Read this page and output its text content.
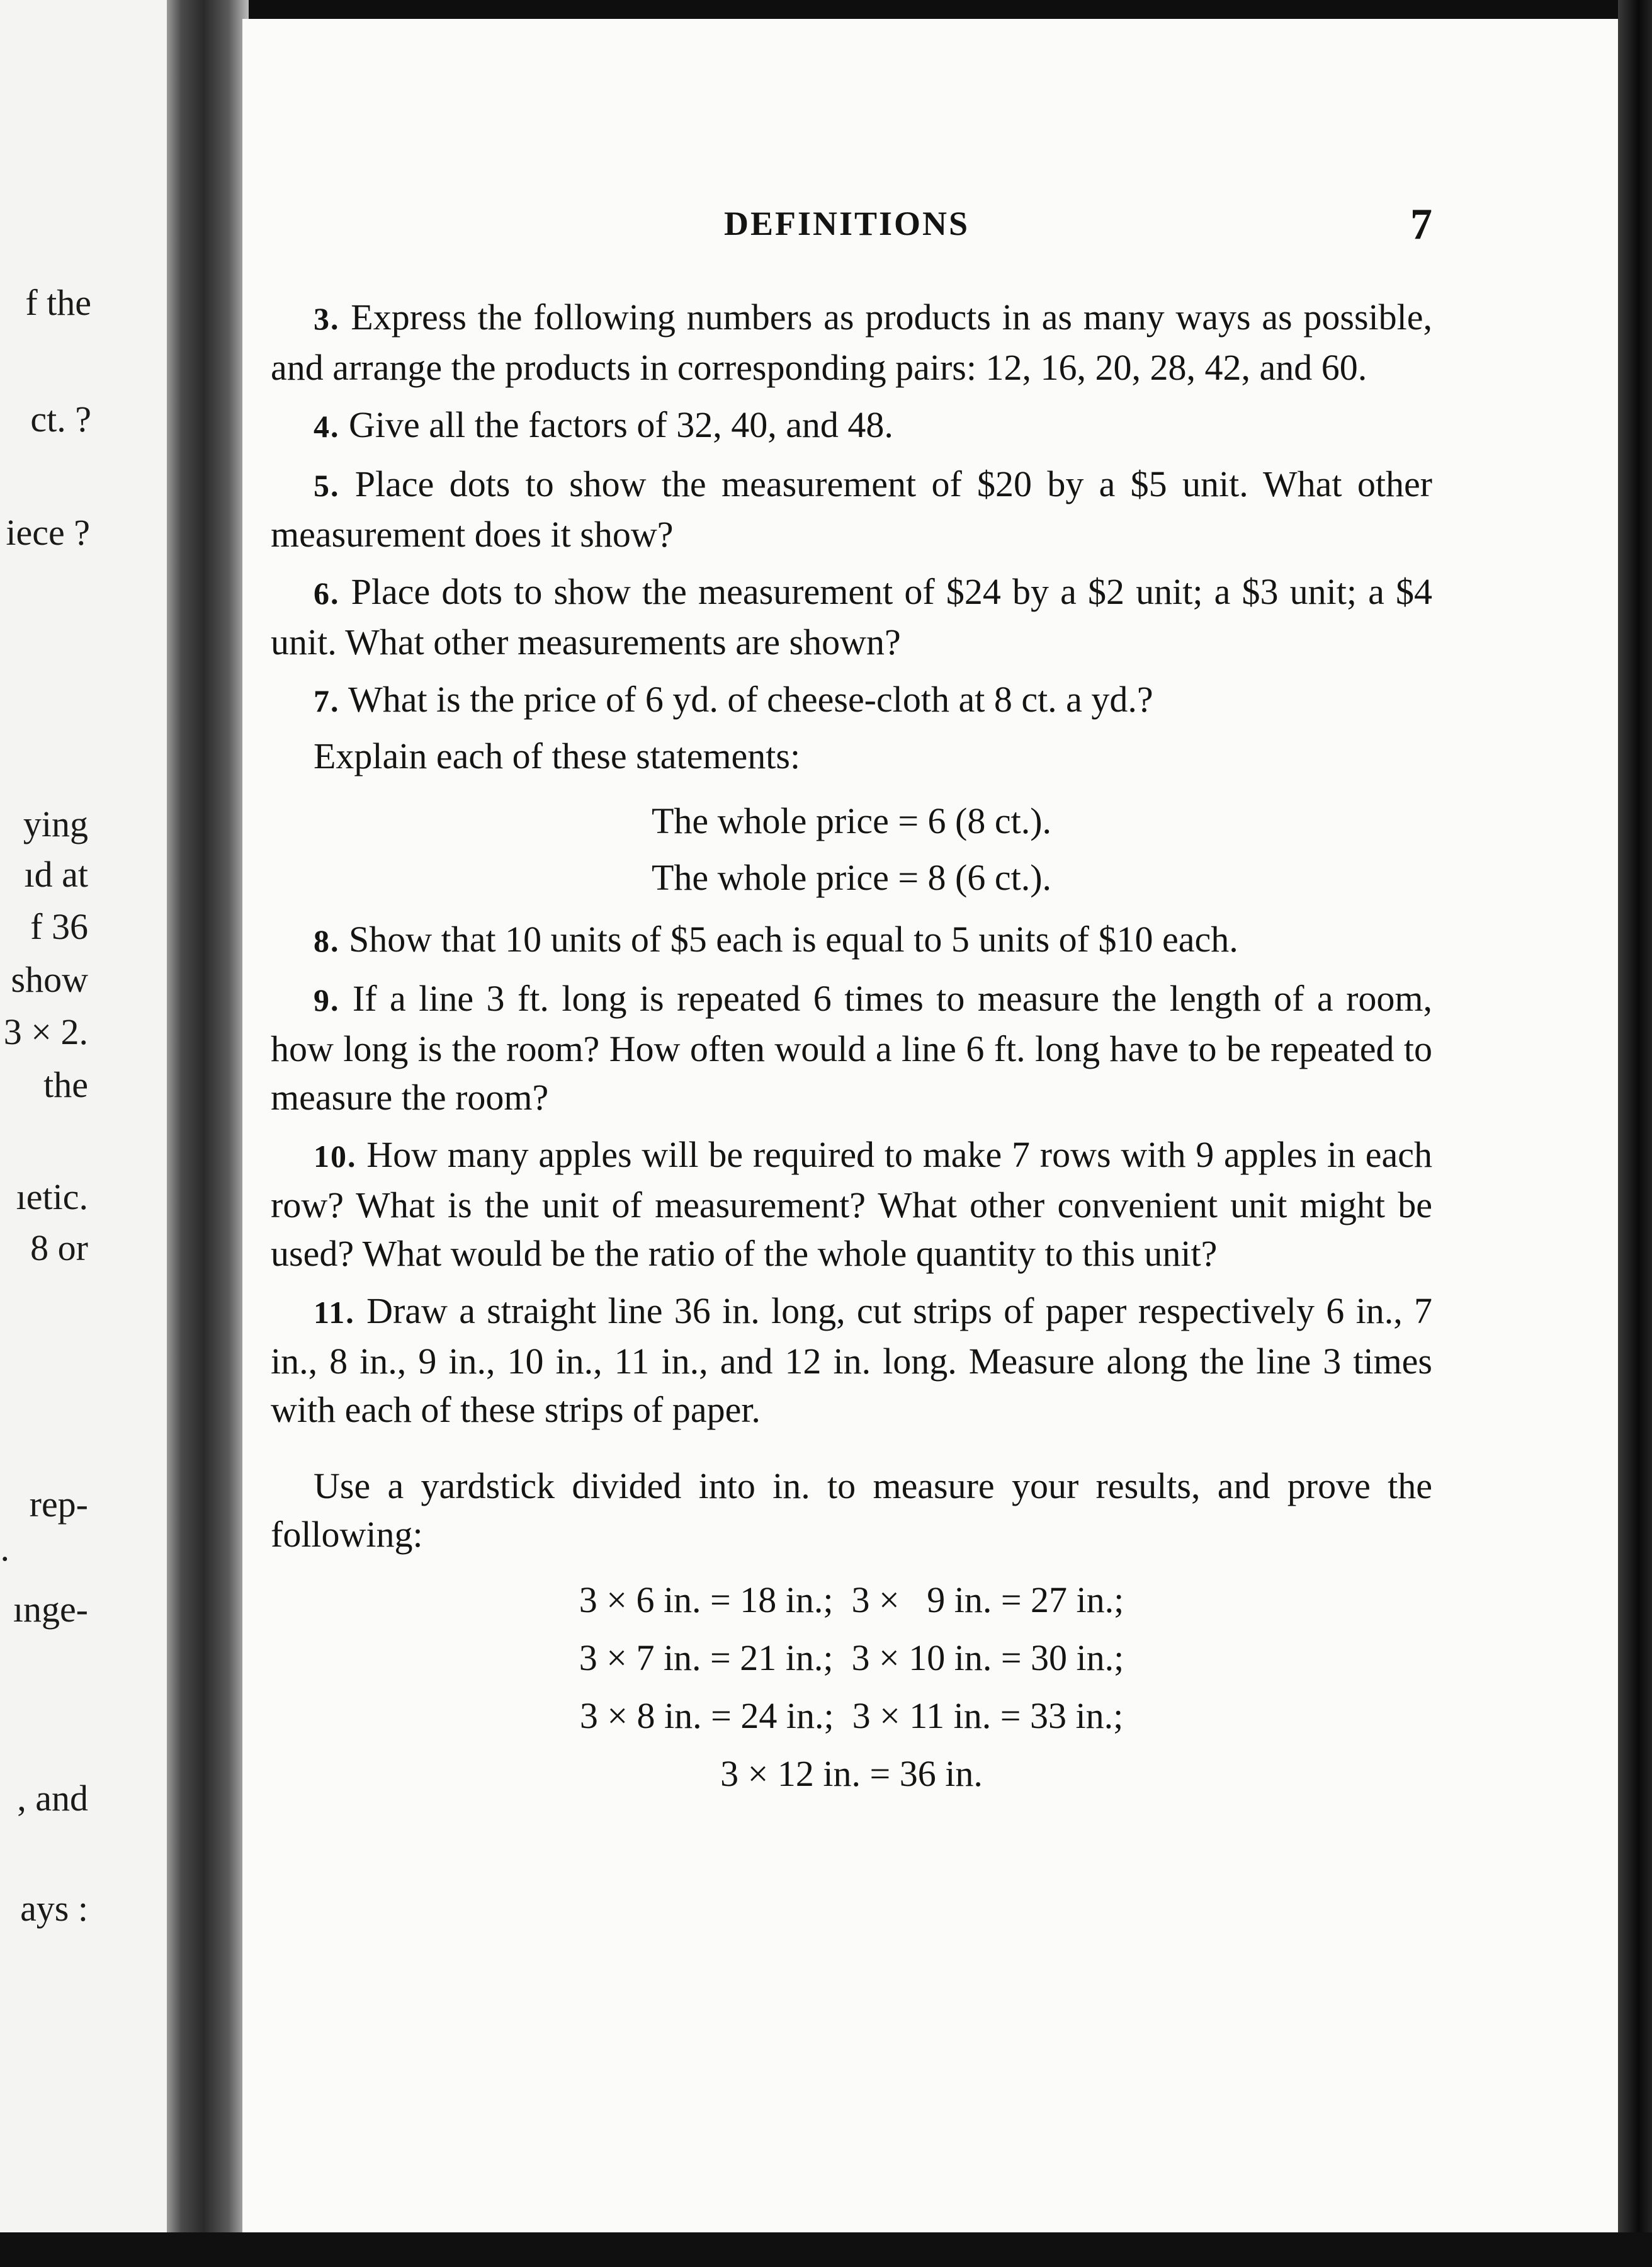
f the
ct. ?
iece ?
ying
ıd at
f 36
show
3 × 2.
the
ıetic.
8 or
rep-
.
ınge-
, and
ays :
DEFINITIONS	7

3. Express the following numbers as products in as many ways as possible, and arrange the products in corresponding pairs: 12, 16, 20, 28, 42, and 60.

4. Give all the factors of 32, 40, and 48.

5. Place dots to show the measurement of $20 by a $5 unit. What other measurement does it show?

6. Place dots to show the measurement of $24 by a $2 unit; a $3 unit; a $4 unit. What other measurements are shown?

7. What is the price of 6 yd. of cheese-cloth at 8 ct. a yd.?

Explain each of these statements:

The whole price = 6 (8 ct.).

The whole price = 8 (6 ct.).

8. Show that 10 units of $5 each is equal to 5 units of $10 each.

9. If a line 3 ft. long is repeated 6 times to measure the length of a room, how long is the room? How often would a line 6 ft. long have to be repeated to measure the room?

10. How many apples will be required to make 7 rows with 9 apples in each row? What is the unit of measurement? What other convenient unit might be used? What would be the ratio of the whole quantity to this unit?

11. Draw a straight line 36 in. long, cut strips of paper respectively 6 in., 7 in., 8 in., 9 in., 10 in., 11 in., and 12 in. long. Measure along the line 3 times with each of these strips of paper.

Use a yardstick divided into in. to measure your results, and prove the following:

3 × 6 in. = 18 in.;  3 ×   9 in. = 27 in.;

3 × 7 in. = 21 in.;  3 × 10 in. = 30 in.;

3 × 8 in. = 24 in.;  3 × 11 in. = 33 in.;

3 × 12 in. = 36 in.
